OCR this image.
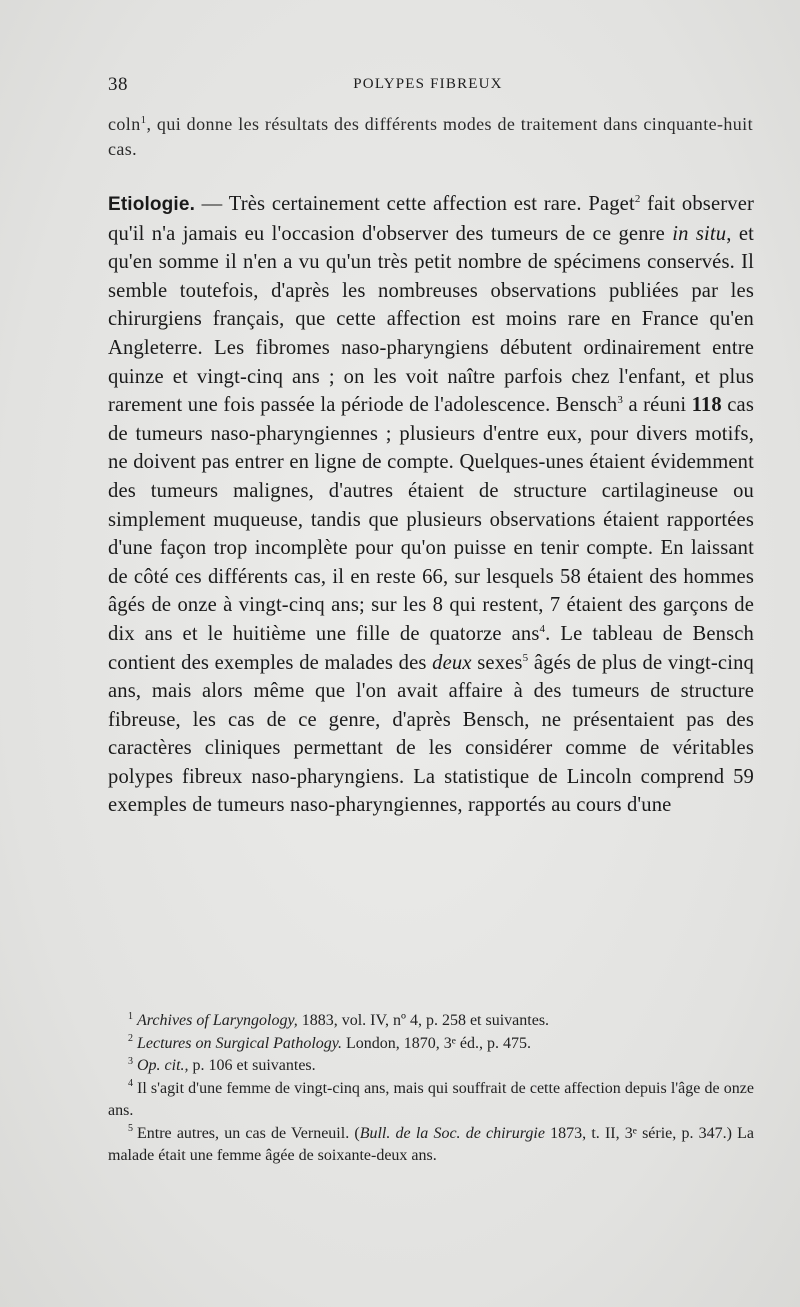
38	POLYPES FIBREUX

coln$^1$, qui donne les résultats des différents modes de traitement dans cinquante-huit cas.

Etiologie. — Très certainement cette affection est rare. Paget$^2$ fait observer qu'il n'a jamais eu l'occasion d'observer des tumeurs de ce genre in situ, et qu'en somme il n'en a vu qu'un très petit nombre de spécimens conservés. Il semble toutefois, d'après les nombreuses observations publiées par les chirurgiens français, que cette affection est moins rare en France qu'en Angleterre. Les fibromes naso-pharyngiens débutent ordinairement entre quinze et vingt-cinq ans ; on les voit naître parfois chez l'enfant, et plus rarement une fois passée la période de l'adolescence. Bensch$^3$ a réuni 118 cas de tumeurs naso-pharyngiennes ; plusieurs d'entre eux, pour divers motifs, ne doivent pas entrer en ligne de compte. Quelques-unes étaient évidemment des tumeurs malignes, d'autres étaient de structure cartilagineuse ou simplement muqueuse, tandis que plusieurs observations étaient rapportées d'une façon trop incomplète pour qu'on puisse en tenir compte. En laissant de côté ces différents cas, il en reste 66, sur lesquels 58 étaient des hommes âgés de onze à vingt-cinq ans; sur les 8 qui restent, 7 étaient des garçons de dix ans et le huitième une fille de quatorze ans$^4$. Le tableau de Bensch contient des exemples de malades des deux sexes$^5$ âgés de plus de vingt-cinq ans, mais alors même que l'on avait affaire à des tumeurs de structure fibreuse, les cas de ce genre, d'après Bensch, ne présentaient pas des caractères cliniques permettant de les considérer comme de véritables polypes fibreux naso-pharyngiens. La statistique de Lincoln comprend 59 exemples de tumeurs naso-pharyngiennes, rapportés au cours d'une

$^1$ Archives of Laryngology, 1883, vol. IV, nº 4, p. 258 et suivantes.

$^2$ Lectures on Surgical Pathology. London, 1870, 3ᵉ éd., p. 475.

$^3$ Op. cit., p. 106 et suivantes.

$^4$ Il s'agit d'une femme de vingt-cinq ans, mais qui souffrait de cette affection depuis l'âge de onze ans.

$^5$ Entre autres, un cas de Verneuil. (Bull. de la Soc. de chirurgie 1873, t. II, 3ᵉ série, p. 347.) La malade était une femme âgée de soixante-deux ans.
